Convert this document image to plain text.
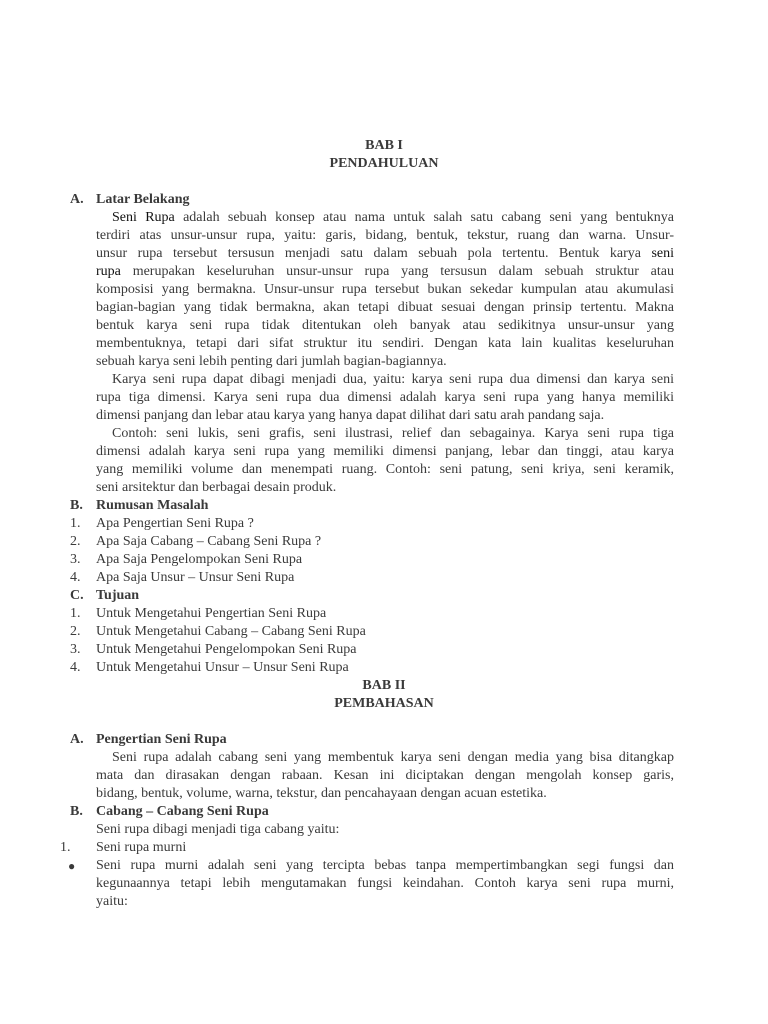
BAB I
PENDAHULUAN
A. Latar Belakang
Seni Rupa adalah sebuah konsep atau nama untuk salah satu cabang seni yang bentuknya
terdiri atas unsur-unsur rupa, yaitu: garis, bidang, bentuk, tekstur, ruang dan warna. Unsur-
unsur rupa tersebut tersusun menjadi satu dalam sebuah pola tertentu. Bentuk karya seni
rupa merupakan keseluruhan unsur-unsur rupa yang tersusun dalam sebuah struktur atau
komposisi yang bermakna. Unsur-unsur rupa tersebut bukan sekedar kumpulan atau akumulasi
bagian-bagian yang tidak bermakna, akan tetapi dibuat sesuai dengan prinsip tertentu. Makna
bentuk karya seni rupa tidak ditentukan oleh banyak atau sedikitnya unsur-unsur yang
membentuknya, tetapi dari sifat struktur itu sendiri. Dengan kata lain kualitas keseluruhan
sebuah karya seni lebih penting dari jumlah bagian-bagiannya.
Karya seni rupa dapat dibagi menjadi dua, yaitu: karya seni rupa dua dimensi dan karya seni
rupa tiga dimensi. Karya seni rupa dua dimensi adalah karya seni rupa yang hanya memiliki
dimensi panjang dan lebar atau karya yang hanya dapat dilihat dari satu arah pandang saja.
Contoh: seni lukis, seni grafis, seni ilustrasi, relief dan sebagainya. Karya seni rupa tiga
dimensi adalah karya seni rupa yang memiliki dimensi panjang, lebar dan tinggi, atau karya
yang memiliki volume dan menempati ruang. Contoh: seni patung, seni kriya, seni keramik,
seni arsitektur dan berbagai desain produk.
B. Rumusan Masalah
1. Apa Pengertian Seni Rupa ?
2. Apa Saja Cabang – Cabang Seni Rupa ?
3. Apa Saja Pengelompokan Seni Rupa
4. Apa Saja Unsur – Unsur Seni Rupa
C. Tujuan
1. Untuk Mengetahui Pengertian Seni Rupa
2. Untuk Mengetahui Cabang – Cabang Seni Rupa
3. Untuk Mengetahui Pengelompokan Seni Rupa
4. Untuk Mengetahui Unsur – Unsur Seni Rupa
BAB II
PEMBAHASAN
A. Pengertian Seni Rupa
Seni rupa adalah cabang seni yang membentuk karya seni dengan media yang bisa ditangkap
mata dan dirasakan dengan rabaan. Kesan ini diciptakan dengan mengolah konsep garis,
bidang, bentuk, volume, warna, tekstur, dan pencahayaan dengan acuan estetika.
B. Cabang – Cabang Seni Rupa
Seni rupa dibagi menjadi tiga cabang yaitu:
1. Seni rupa murni
● Seni rupa murni adalah seni yang tercipta bebas tanpa mempertimbangkan segi fungsi dan
kegunaannya tetapi lebih mengutamakan fungsi keindahan. Contoh karya seni rupa murni,
yaitu:
